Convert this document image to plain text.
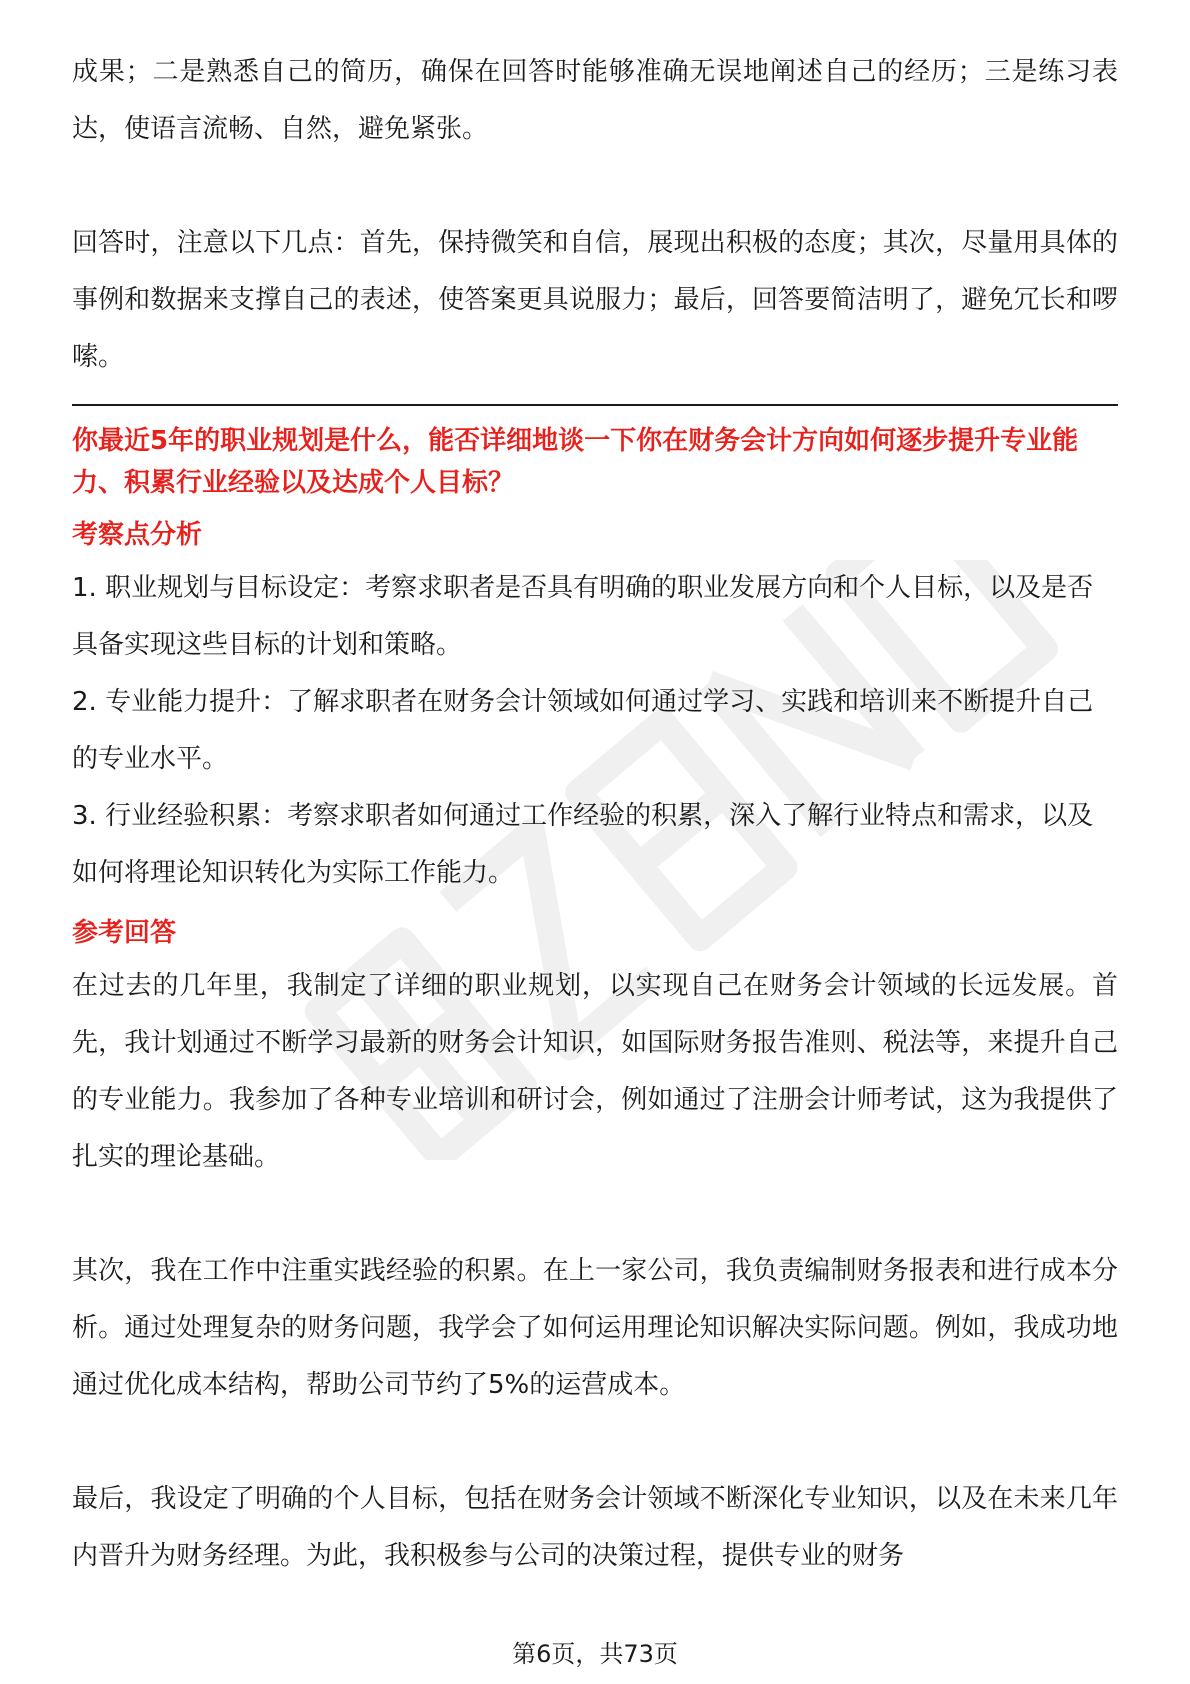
成果；二是熟悉自己的简历，确保在回答时能够准确无误地阐述自己的经历；三是练习表达，使语言流畅、自然，避免紧张。

回答时，注意以下几点：首先，保持微笑和自信，展现出积极的态度；其次，尽量用具体的事例和数据来支撑自己的表述，使答案更具说服力；最后，回答要简洁明了，避免冗长和啰嗦。

你最近5年的职业规划是什么，能否详细地谈一下你在财务会计方向如何逐步提升专业能力、积累行业经验以及达成个人目标？

考察点分析

1. 职业规划与目标设定：考察求职者是否具有明确的职业发展方向和个人目标，以及是否具备实现这些目标的计划和策略。

2. 专业能力提升：了解求职者在财务会计领域如何通过学习、实践和培训来不断提升自己的专业水平。

3. 行业经验积累：考察求职者如何通过工作经验的积累，深入了解行业特点和需求，以及如何将理论知识转化为实际工作能力。

参考回答

在过去的几年里，我制定了详细的职业规划，以实现自己在财务会计领域的长远发展。首先，我计划通过不断学习最新的财务会计知识，如国际财务报告准则、税法等，来提升自己的专业能力。我参加了各种专业培训和研讨会，例如通过了注册会计师考试，这为我提供了扎实的理论基础。

其次，我在工作中注重实践经验的积累。在上一家公司，我负责编制财务报表和进行成本分析。通过处理复杂的财务问题，我学会了如何运用理论知识解决实际问题。例如，我成功地通过优化成本结构，帮助公司节约了5%的运营成本。

最后，我设定了明确的个人目标，包括在财务会计领域不断深化专业知识，以及在未来几年内晋升为财务经理。为此，我积极参与公司的决策过程，提供专业的财务

第6页，共73页
